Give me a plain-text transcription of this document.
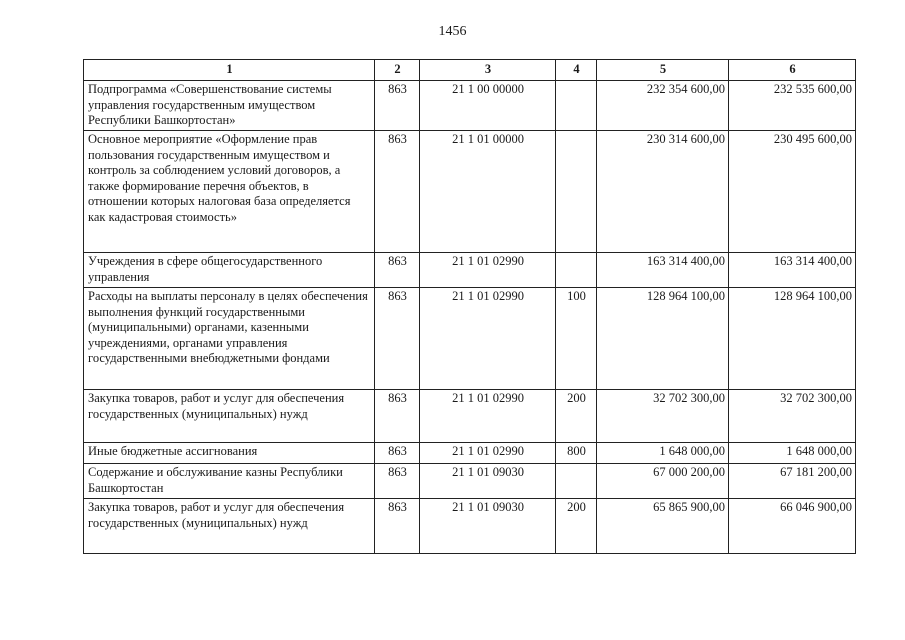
1456
1	2	3	4	5	6
Подпрограмма «Совершенствование системы управления государственным имуществом Республики Башкортостан»	863	21 1 00 00000		232 354 600,00	232 535 600,00
Основное мероприятие «Оформление прав пользования государственным имуществом и контроль за соблюдением условий договоров, а также формирование перечня объектов, в отношении которых налоговая база определяется как кадастровая стоимость»	863	21 1 01 00000		230 314 600,00	230 495 600,00
Учреждения в сфере общегосударственного управления	863	21 1 01 02990		163 314 400,00	163 314 400,00
Расходы на выплаты персоналу в целях обеспечения выполнения функций государственными (муниципальными) органами, казенными учреждениями, органами управления государственными внебюджетными фондами	863	21 1 01 02990	100	128 964 100,00	128 964 100,00
Закупка товаров, работ и услуг для обеспечения государственных (муниципальных) нужд	863	21 1 01 02990	200	32 702 300,00	32 702 300,00
Иные бюджетные ассигнования	863	21 1 01 02990	800	1 648 000,00	1 648 000,00
Содержание и обслуживание казны Республики Башкортостан	863	21 1 01 09030		67 000 200,00	67 181 200,00
Закупка товаров, работ и услуг для обеспечения государственных (муниципальных) нужд	863	21 1 01 09030	200	65 865 900,00	66 046 900,00
